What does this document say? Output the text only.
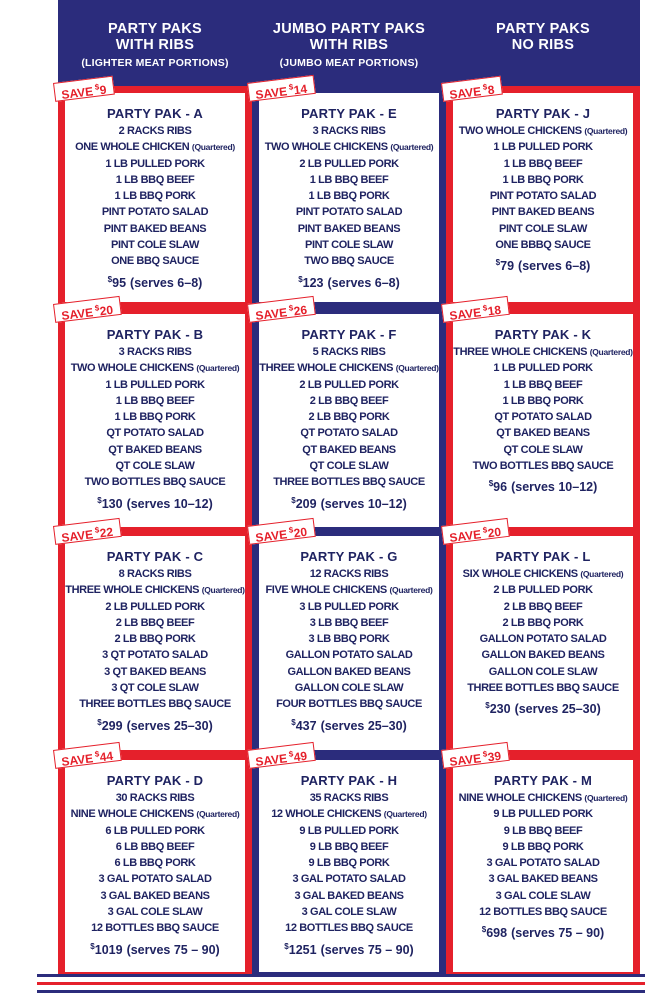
PARTY PAKS
WITH RIBS
(LIGHTER MEAT PORTIONS)
SAVE $9
PARTY PAK - A
2 RACKS RIBS
ONE WHOLE CHICKEN (Quartered)
1 LB PULLED PORK
1 LB BBQ BEEF
1 LB BBQ PORK
PINT POTATO SALAD
PINT BAKED BEANS
PINT COLE SLAW
ONE BBQ SAUCE
$95 (serves 6–8)
SAVE $20
PARTY PAK - B
3 RACKS RIBS
TWO WHOLE CHICKENS (Quartered)
1 LB PULLED PORK
1 LB BBQ BEEF
1 LB BBQ PORK
QT POTATO SALAD
QT BAKED BEANS
QT COLE SLAW
TWO BOTTLES BBQ SAUCE
$130 (serves 10–12)
SAVE $22
PARTY PAK - C
8 RACKS RIBS
THREE WHOLE CHICKENS (Quartered)
2 LB PULLED PORK
2 LB BBQ BEEF
2 LB BBQ PORK
3 QT POTATO SALAD
3 QT BAKED BEANS
3 QT COLE SLAW
THREE BOTTLES BBQ SAUCE
$299 (serves 25–30)
SAVE $44
PARTY PAK - D
30 RACKS RIBS
NINE WHOLE CHICKENS (Quartered)
6 LB PULLED PORK
6 LB BBQ BEEF
6 LB BBQ PORK
3 GAL POTATO SALAD
3 GAL BAKED BEANS
3 GAL COLE SLAW
12 BOTTLES BBQ SAUCE
$1019 (serves 75 – 90)
JUMBO PARTY PAKS
WITH RIBS
(JUMBO MEAT PORTIONS)
SAVE $14
PARTY PAK - E
3 RACKS RIBS
TWO WHOLE CHICKENS (Quartered)
2 LB PULLED PORK
1 LB BBQ BEEF
1 LB BBQ PORK
PINT POTATO SALAD
PINT BAKED BEANS
PINT COLE SLAW
TWO BBQ SAUCE
$123 (serves 6–8)
SAVE $26
PARTY PAK - F
5 RACKS RIBS
THREE WHOLE CHICKENS (Quartered)
2 LB PULLED PORK
2 LB BBQ BEEF
2 LB BBQ PORK
QT POTATO SALAD
QT BAKED BEANS
QT COLE SLAW
THREE BOTTLES BBQ SAUCE
$209 (serves 10–12)
SAVE $20
PARTY PAK - G
12 RACKS RIBS
FIVE WHOLE CHICKENS (Quartered)
3 LB PULLED PORK
3 LB BBQ BEEF
3 LB BBQ PORK
GALLON POTATO SALAD
GALLON BAKED BEANS
GALLON COLE SLAW
FOUR BOTTLES BBQ SAUCE
$437 (serves 25–30)
SAVE $49
PARTY PAK - H
35 RACKS RIBS
12 WHOLE CHICKENS (Quartered)
9 LB PULLED PORK
9 LB BBQ BEEF
9 LB BBQ PORK
3 GAL POTATO SALAD
3 GAL BAKED BEANS
3 GAL COLE SLAW
12 BOTTLES BBQ SAUCE
$1251 (serves 75 – 90)
PARTY PAKS
NO RIBS
SAVE $8
PARTY PAK - J
TWO WHOLE CHICKENS (Quartered)
1 LB PULLED PORK
1 LB BBQ BEEF
1 LB BBQ PORK
PINT POTATO SALAD
PINT BAKED BEANS
PINT COLE SLAW
ONE BBBQ SAUCE
$79 (serves 6–8)
SAVE $18
PARTY PAK - K
THREE WHOLE CHICKENS (Quartered)
1 LB PULLED PORK
1 LB BBQ BEEF
1 LB BBQ PORK
QT POTATO SALAD
QT BAKED BEANS
QT COLE SLAW
TWO BOTTLES BBQ SAUCE
$96 (serves 10–12)
SAVE $20
PARTY PAK - L
SIX WHOLE CHICKENS (Quartered)
2 LB PULLED PORK
2 LB BBQ BEEF
2 LB BBQ PORK
GALLON POTATO SALAD
GALLON BAKED BEANS
GALLON COLE SLAW
THREE BOTTLES BBQ SAUCE
$230 (serves 25–30)
SAVE $39
PARTY PAK - M
NINE WHOLE CHICKENS (Quartered)
9 LB PULLED PORK
9 LB BBQ BEEF
9 LB BBQ PORK
3 GAL POTATO SALAD
3 GAL BAKED BEANS
3 GAL COLE SLAW
12 BOTTLES BBQ SAUCE
$698 (serves 75 – 90)
